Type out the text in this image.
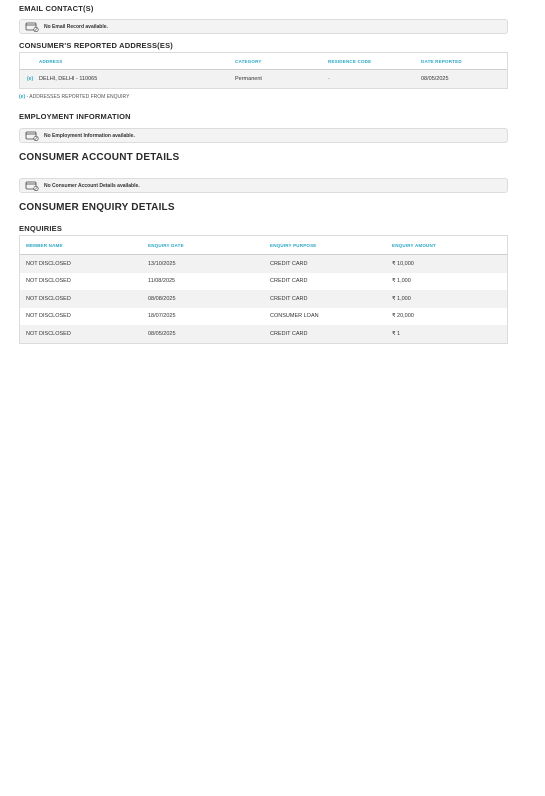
EMAIL CONTACT(S)
No Email Record available.
CONSUMER'S REPORTED ADDRESS(ES)
ADDRESS	CATEGORY	RESIDENCE CODE	DATE REPORTED
(e)	DELHI, DELHI - 110065	Permanent	-	08/05/2025
(e) - ADDRESSES REPORTED FROM ENQUIRY
EMPLOYMENT INFORMATION
No Employment Information available.
CONSUMER ACCOUNT DETAILS
No Consumer Account Details available.
CONSUMER ENQUIRY DETAILS
ENQUIRIES
MEMBER NAME	ENQUIRY DATE	ENQUIRY PURPOSE	ENQUIRY AMOUNT
NOT DISCLOSED	13/10/2025	CREDIT CARD	₹ 10,000
NOT DISCLOSED	11/08/2025	CREDIT CARD	₹ 1,000
NOT DISCLOSED	08/08/2025	CREDIT CARD	₹ 1,000
NOT DISCLOSED	18/07/2025	CONSUMER LOAN	₹ 20,000
NOT DISCLOSED	08/05/2025	CREDIT CARD	₹ 1
